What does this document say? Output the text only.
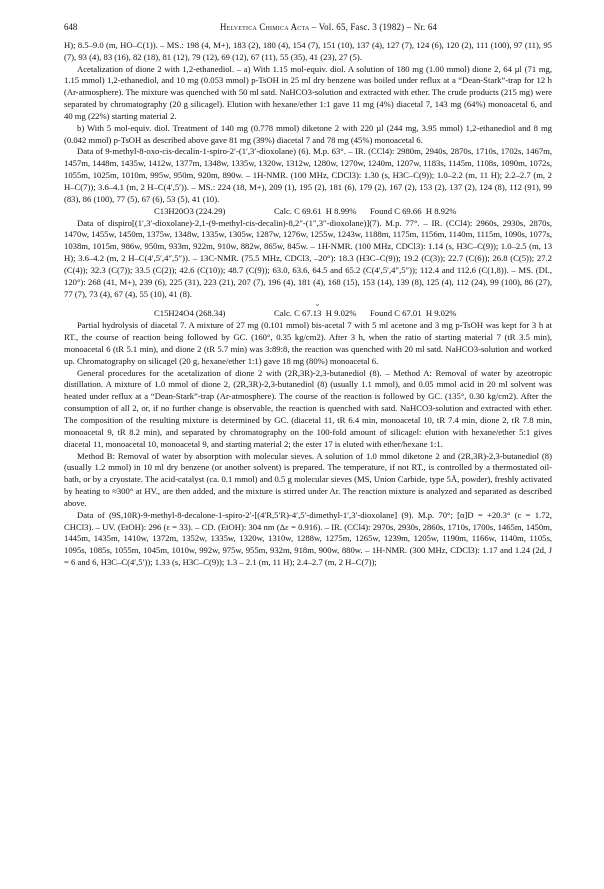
648	Helvetica Chimica Acta – Vol. 65, Fasc. 3 (1982) – Nr. 64

H); 8.5–9.0 (m, HO–C(1)). – MS.: 198 (4, M+), 183 (2), 180 (4), 154 (7), 151 (10), 137 (4), 127 (7), 124 (6), 120 (2), 111 (100), 97 (11), 95 (7), 93 (4), 83 (16), 82 (18), 81 (12), 79 (12), 69 (12), 67 (11), 55 (35), 41 (23), 27 (5).

Acetalization of dione 2 with 1,2-ethanediol. – a) With 1.15 mol-equiv. diol. A solution of 180 mg (1.00 mmol) dione 2, 64 µl (71 mg, 1.15 mmol) 1,2-ethanediol, and 10 mg (0.053 mmol) p-TsOH in 25 ml dry benzene was boiled under reflux at a “Dean-Stark”-trap for 12 h (Ar-atmosphere). The mixture was quenched with 50 ml satd. NaHCO3-solution and extracted with ether. The crude products (215 mg) were separated by chromatography (20 g silicagel). Elution with hexane/ether 1:1 gave 11 mg (4%) diacetal 7, 143 mg (64%) monoacetal 6, and 40 mg (22%) starting material 2.

b) With 5 mol-equiv. diol. Treatment of 140 mg (0.778 mmol) diketone 2 with 220 µl (244 mg, 3.95 mmol) 1,2-ethanediol and 8 mg (0.042 mmol) p-TsOH as described above gave 81 mg (39%) diacetal 7 and 78 mg (45%) monoacetal 6.

Data of 9-methyl-8-oxo-cis-decalin-1-spiro-2′-(1′,3′-dioxolane) (6). M.p. 63°. – IR. (CCl4): 2980m, 2940s, 2870s, 1710s, 1702s, 1467m, 1457m, 1448m, 1435w, 1412w, 1377m, 1348w, 1335w, 1320w, 1312w, 1280w, 1270w, 1240m, 1207w, 1183s, 1145m, 1108s, 1090m, 1072s, 1055m, 1025m, 1010m, 995w, 950m, 920m, 890w. – 1H-NMR. (100 MHz, CDCl3): 1.30 (s, H3C–C(9)); 1.0–2.2 (m, 11 H); 2.2–2.7 (m, 2 H–C(7)); 3.6–4.1 (m, 2 H–C(4′,5′)). – MS.: 224 (18, M+), 209 (1), 195 (2), 181 (6), 179 (2), 167 (2), 153 (2), 137 (2), 124 (8), 112 (91), 99 (83), 86 (100), 77 (5), 67 (6), 53 (5), 41 (10).

C13H20O3 (224.29)	Calc. C 69.61  H 8.99% Found C 69.66  H 8.92%

Data of dispiro[(1′,3′-dioxolane)-2,1-(9-methyl-cis-decalin)-8,2″-(1″,3″-dioxolane)](7). M.p. 77°. – IR. (CCl4): 2960s, 2930s, 2870s, 1470w, 1455w, 1450m, 1375w, 1348w, 1335w, 1305w, 1287w, 1276w, 1255w, 1243w, 1188m, 1175m, 1156m, 1140m, 1115m, 1090s, 1077s, 1038m, 1015m, 986w, 950m, 933m, 922m, 910w, 882w, 865w, 845w. – 1H-NMR. (100 MHz, CDCl3): 1.14 (s, H3C–C(9)); 1.0–2.5 (m, 13 H); 3.6–4.2 (m, 2 H–C(4′,5′,4″,5″)). – 13C-NMR. (75.5 MHz, CDCl3, –20°): 18.3 (H3C–C(9)); 19.2 (C(3)); 22.7 (C(6)); 26.8 (C(5)); 27.2 (C(4)); 32.3 (C(7)); 33.5 (C(2)); 42.6 (C(10)); 48.7 (C(9)); 63.0, 63.6, 64.5 and 65.2 (C(4′,5′,4″,5″)); 112.4 and 112.6 (C(1,8)). – MS. (DI., 120°): 268 (41, M+), 239 (6), 225 (31), 223 (21), 207 (7), 196 (4), 181 (4), 168 (15), 153 (14), 139 (8), 125 (4), 112 (24), 99 (100), 86 (27), 77 (7), 73 (4), 67 (4), 55 (10), 41 (8).

⌄
C15H24O4 (268.34)	Calc. C 67.13  H 9.02% Found C 67.01  H 9.02%

Partial hydrolysis of diacetal 7. A mixture of 27 mg (0.101 mmol) bis-acetal 7 with 5 ml acetone and 3 mg p-TsOH was kept for 3 h at RT., the course of reaction being followed by GC. (160°, 0.35 kg/cm2). After 3 h, when the ratio of starting material 7 (tR 3.5 min), monoacetal 6 (tR 5.1 min), and dione 2 (tR 5.7 min) was 3:89:8, the reaction was quenched with 20 ml satd. NaHCO3-solution and worked up. Chromatography on silicagel (20 g, hexane/ether 1:1) gave 18 mg (80%) monoacetal 6.

General procedures for the acetalization of dione 2 with (2R,3R)-2,3-butanediol (8). – Method A: Removal of water by azeotropic distillation. A mixture of 1.0 mmol of dione 2, (2R,3R)-2,3-butanediol (8) (usually 1.1 mmol), and 0.05 mmol acid in 20 ml solvent was heated under reflux at a “Dean-Stark”-trap (Ar-atmosphere). The course of the reaction is followed by GC. (135°, 0.30 kg/cm2). After the consumption of all 2, or, if no further change is observable, the reaction is quenched with satd. NaHCO3-solution and extracted with ether. The composition of the resulting mixture is determined by GC. (diacetal 11, tR 6.4 min, monoacetal 10, tR 7.4 min, dione 2, tR 7.8 min, monoacetal 9, tR 8.2 min), and separated by chromatography on the 100-fold amount of silicagel: elution with hexane/ether 5:1 gives diacetal 11, monoacetal 10, monoacetal 9, and starting material 2; the ester 17 is eluted with ether/hexane 1:1.

Method B: Removal of water by absorption with molecular sieves. A solution of 1.0 mmol diketone 2 and (2R,3R)-2,3-butanediol (8) (usually 1.2 mmol) in 10 ml dry benzene (or another solvent) is prepared. The temperature, if not RT., is controlled by a thermostated oil-bath, or by a cryostate. The acid-catalyst (ca. 0.1 mmol) and 0.5 g molecular sieves (MS, Union Carbide, type 5Å, powder), freshly activated by heating to ≈300° at HV., are then added, and the mixture is stirred under Ar. The reaction mixture is analyzed and separated as described above.

Data of (9S,10R)-9-methyl-8-decalone-1-spiro-2′-[(4′R,5′R)-4′,5′-dimethyl-1′,3′-dioxolane] (9). M.p. 70°; [α]D = +20.3° (c = 1.72, CHCl3). – UV. (EtOH): 296 (ε = 33). – CD. (EtOH): 304 nm (Δε = 0.916). – IR. (CCl4): 2970s, 2930s, 2860s, 1710s, 1700s, 1465m, 1450m, 1445m, 1435m, 1410w, 1372m, 1352w, 1335w, 1320w, 1310w, 1288w, 1275m, 1265w, 1239m, 1205w, 1190m, 1166w, 1140m, 1105s, 1095s, 1085s, 1055m, 1045m, 1010w, 992w, 975w, 955m, 932m, 918m, 900w, 880w. – 1H-NMR. (300 MHz, CDCl3): 1.17 and 1.24 (2d, J = 6 and 6, H3C–C(4′,5′)); 1.33 (s, H3C–C(9)); 1.3 – 2.1 (m, 11 H); 2.4–2.7 (m, 2 H–C(7));
